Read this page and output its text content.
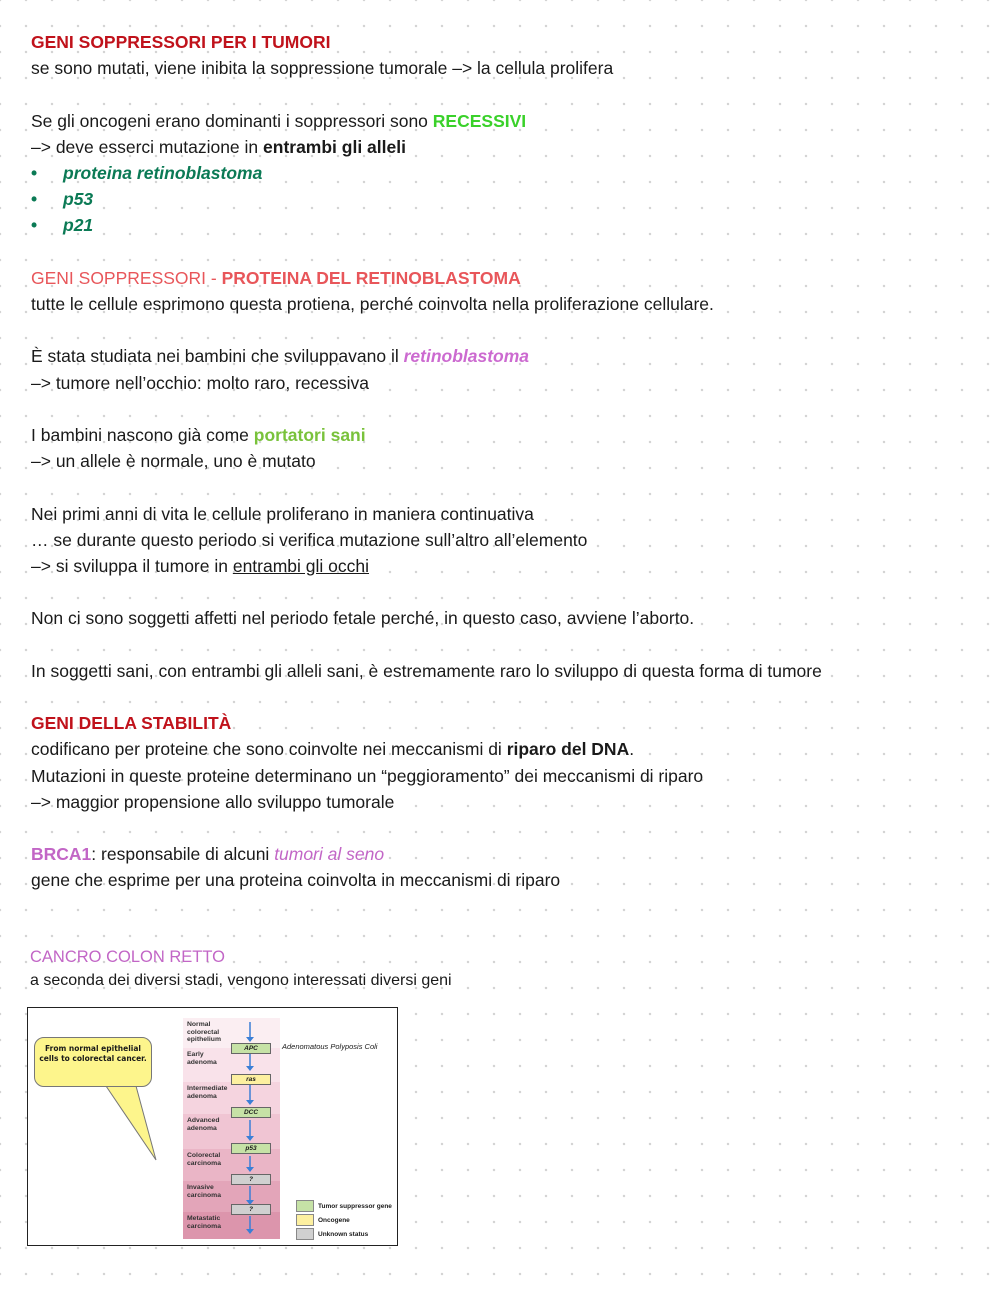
GENI SOPPRESSORI PER I TUMORI
se sono mutati, viene inibita la soppressione tumorale –> la cellula prolifera
Se gli oncogeni erano dominanti i soppressori sono RECESSIVI
–> deve esserci mutazione in entrambi gli alleli
•	proteina retinoblastoma
•	p53
•	p21
GENI SOPPRESSORI - PROTEINA DEL RETINOBLASTOMA
tutte le cellule esprimono questa protiena, perché coinvolta nella proliferazione cellulare.
È stata studiata nei bambini che sviluppavano il retinoblastoma
–> tumore nell’occhio: molto raro, recessiva
I bambini nascono già come portatori sani
–> un allele è normale, uno è mutato
Nei primi anni di vita le cellule proliferano in maniera continuativa
… se durante questo periodo si verifica mutazione sull’altro all’elemento
–> si sviluppa il tumore in entrambi gli occhi
Non ci sono soggetti affetti nel periodo fetale perché, in questo caso, avviene l’aborto.
In soggetti sani, con entrambi gli alleli sani, è estremamente raro lo sviluppo di questa forma di tumore
GENI DELLA STABILITÀ
codificano per proteine che sono coinvolte nei meccanismi di riparo del DNA.
Mutazioni in queste proteine determinano un “peggioramento” dei meccanismi di riparo
–> maggior propensione allo sviluppo tumorale
BRCA1: responsabile di alcuni tumori al seno
gene che esprime per una proteina coinvolta in meccanismi di riparo
CANCRO COLON RETTO
a seconda dei diversi stadi, vengono interessati diversi geni
From normal epithelial cells to colorectal cancer.
Adenomatous Polyposis Coli
Normal colorectal epithelium
Early adenoma
Intermediate adenoma
Advanced adenoma
Colorectal carcinoma
Invasive carcinoma
Metastatic carcinoma
APC
ras
DCC
p53
?
?	Tumor suppressor gene
Oncogene
Unknown status
